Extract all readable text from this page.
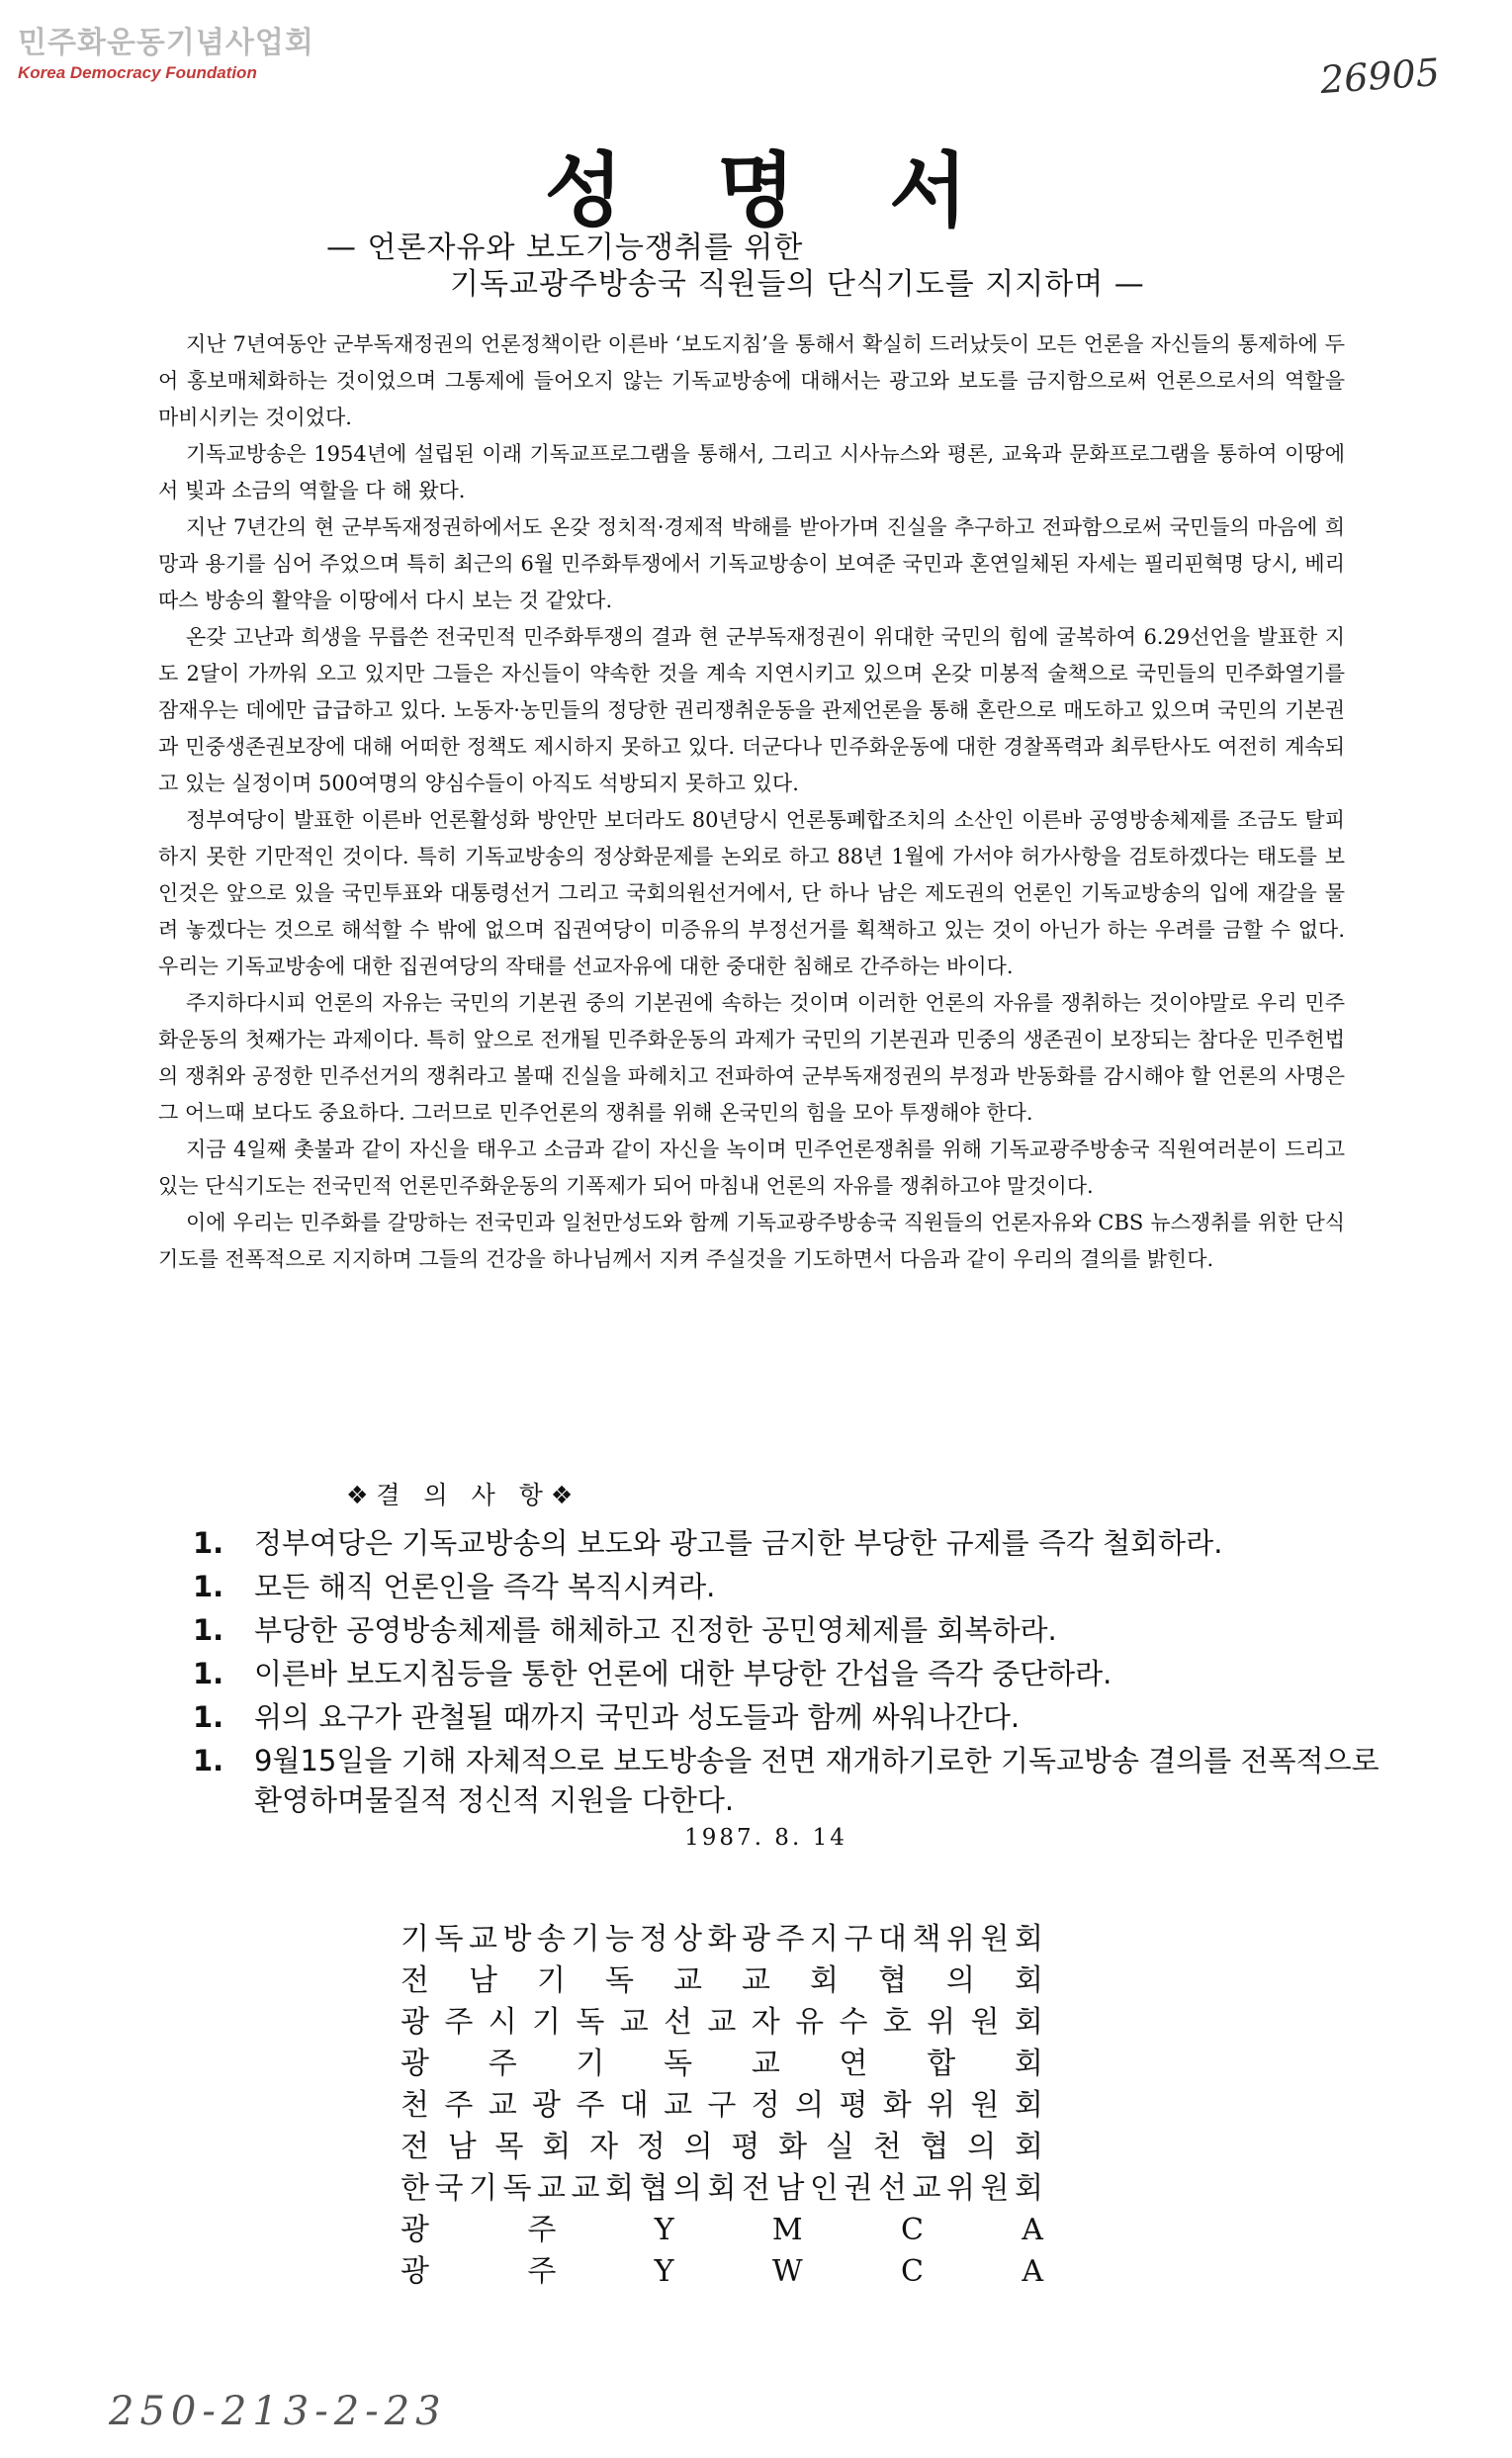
민주화운동기념사업회
Korea Democracy Foundation	26905
성명서
— 언론자유와 보도기능쟁취를 위한
기독교광주방송국 직원들의 단식기도를 지지하며 —

지난 7년여동안 군부독재정권의 언론정책이란 이른바 ‘보도지침’을 통해서 확실히 드러났듯이 모든 언론을 자신들의 통제하에 두어 홍보매체화하는 것이었으며 그통제에 들어오지 않는 기독교방송에 대해서는 광고와 보도를 금지함으로써 언론으로서의 역할을 마비시키는 것이었다.

기독교방송은 1954년에 설립된 이래 기독교프로그램을 통해서, 그리고 시사뉴스와 평론, 교육과 문화프로그램을 통하여 이땅에서 빛과 소금의 역할을 다 해 왔다.

지난 7년간의 현 군부독재정권하에서도 온갖 정치적·경제적 박해를 받아가며 진실을 추구하고 전파함으로써 국민들의 마음에 희망과 용기를 심어 주었으며 특히 최근의 6월 민주화투쟁에서 기독교방송이 보여준 국민과 혼연일체된 자세는 필리핀혁명 당시, 베리따스 방송의 활약을 이땅에서 다시 보는 것 같았다.

온갖 고난과 희생을 무릅쓴 전국민적 민주화투쟁의 결과 현 군부독재정권이 위대한 국민의 힘에 굴복하여 6.29선언을 발표한 지도 2달이 가까워 오고 있지만 그들은 자신들이 약속한 것을 계속 지연시키고 있으며 온갖 미봉적 술책으로 국민들의 민주화열기를 잠재우는 데에만 급급하고 있다. 노동자·농민들의 정당한 권리쟁취운동을 관제언론을 통해 혼란으로 매도하고 있으며 국민의 기본권과 민중생존권보장에 대해 어떠한 정책도 제시하지 못하고 있다. 더군다나 민주화운동에 대한 경찰폭력과 최루탄사도 여전히 계속되고 있는 실정이며 500여명의 양심수들이 아직도 석방되지 못하고 있다.

정부여당이 발표한 이른바 언론활성화 방안만 보더라도 80년당시 언론통폐합조치의 소산인 이른바 공영방송체제를 조금도 탈피하지 못한 기만적인 것이다. 특히 기독교방송의 정상화문제를 논외로 하고 88년 1월에 가서야 허가사항을 검토하겠다는 태도를 보인것은 앞으로 있을 국민투표와 대통령선거 그리고 국회의원선거에서, 단 하나 남은 제도권의 언론인 기독교방송의 입에 재갈을 물려 놓겠다는 것으로 해석할 수 밖에 없으며 집권여당이 미증유의 부정선거를 획책하고 있는 것이 아닌가 하는 우려를 금할 수 없다. 우리는 기독교방송에 대한 집권여당의 작태를 선교자유에 대한 중대한 침해로 간주하는 바이다.

주지하다시피 언론의 자유는 국민의 기본권 중의 기본권에 속하는 것이며 이러한 언론의 자유를 쟁취하는 것이야말로 우리 민주화운동의 첫째가는 과제이다. 특히 앞으로 전개될 민주화운동의 과제가 국민의 기본권과 민중의 생존권이 보장되는 참다운 민주헌법의 쟁취와 공정한 민주선거의 쟁취라고 볼때 진실을 파헤치고 전파하여 군부독재정권의 부정과 반동화를 감시해야 할 언론의 사명은 그 어느때 보다도 중요하다. 그러므로 민주언론의 쟁취를 위해 온국민의 힘을 모아 투쟁해야 한다.

지금 4일째 촛불과 같이 자신을 태우고 소금과 같이 자신을 녹이며 민주언론쟁취를 위해 기독교광주방송국 직원여러분이 드리고 있는 단식기도는 전국민적 언론민주화운동의 기폭제가 되어 마침내 언론의 자유를 쟁취하고야 말것이다.

이에 우리는 민주화를 갈망하는 전국민과 일천만성도와 함께 기독교광주방송국 직원들의 언론자유와 CBS 뉴스쟁취를 위한 단식기도를 전폭적으로 지지하며 그들의 건강을 하나님께서 지켜 주실것을 기도하면서 다음과 같이 우리의 결의를 밝힌다.

❖결 의 사 항❖
1.	정부여당은 기독교방송의 보도와 광고를 금지한 부당한 규제를 즉각 철회하라.
1.	모든 해직 언론인을 즉각 복직시켜라.
1.	부당한 공영방송체제를 해체하고 진정한 공민영체제를 회복하라.
1.	이른바 보도지침등을 통한 언론에 대한 부당한 간섭을 즉각 중단하라.
1.	위의 요구가 관철될 때까지 국민과 성도들과 함께 싸워나간다.
1.	9월15일을 기해 자체적으로 보도방송을 전면 재개하기로한 기독교방송 결의를 전폭적으로 환영하며물질적 정신적 지원을 다한다.
1987. 8. 14
기 독 교 방 송 기 능 정 상 화 광 주 지 구 대 책 위 원 회
전 남 기 독 교 교 회 협 의 회
광 주 시 기 독 교 선 교 자 유 수 호 위 원 회
광 주 기 독 교 연 합 회
천 주 교 광 주 대 교 구 정 의 평 화 위 원 회
전 남 목 회 자 정 의 평 화 실 천 협 의 회
한 국 기 독 교 교 회 협 의 회 전 남 인 권 선 교 위 원 회
광	주	Y	M	C	A
광	주	Y	W	C	A
250-213-2-23
